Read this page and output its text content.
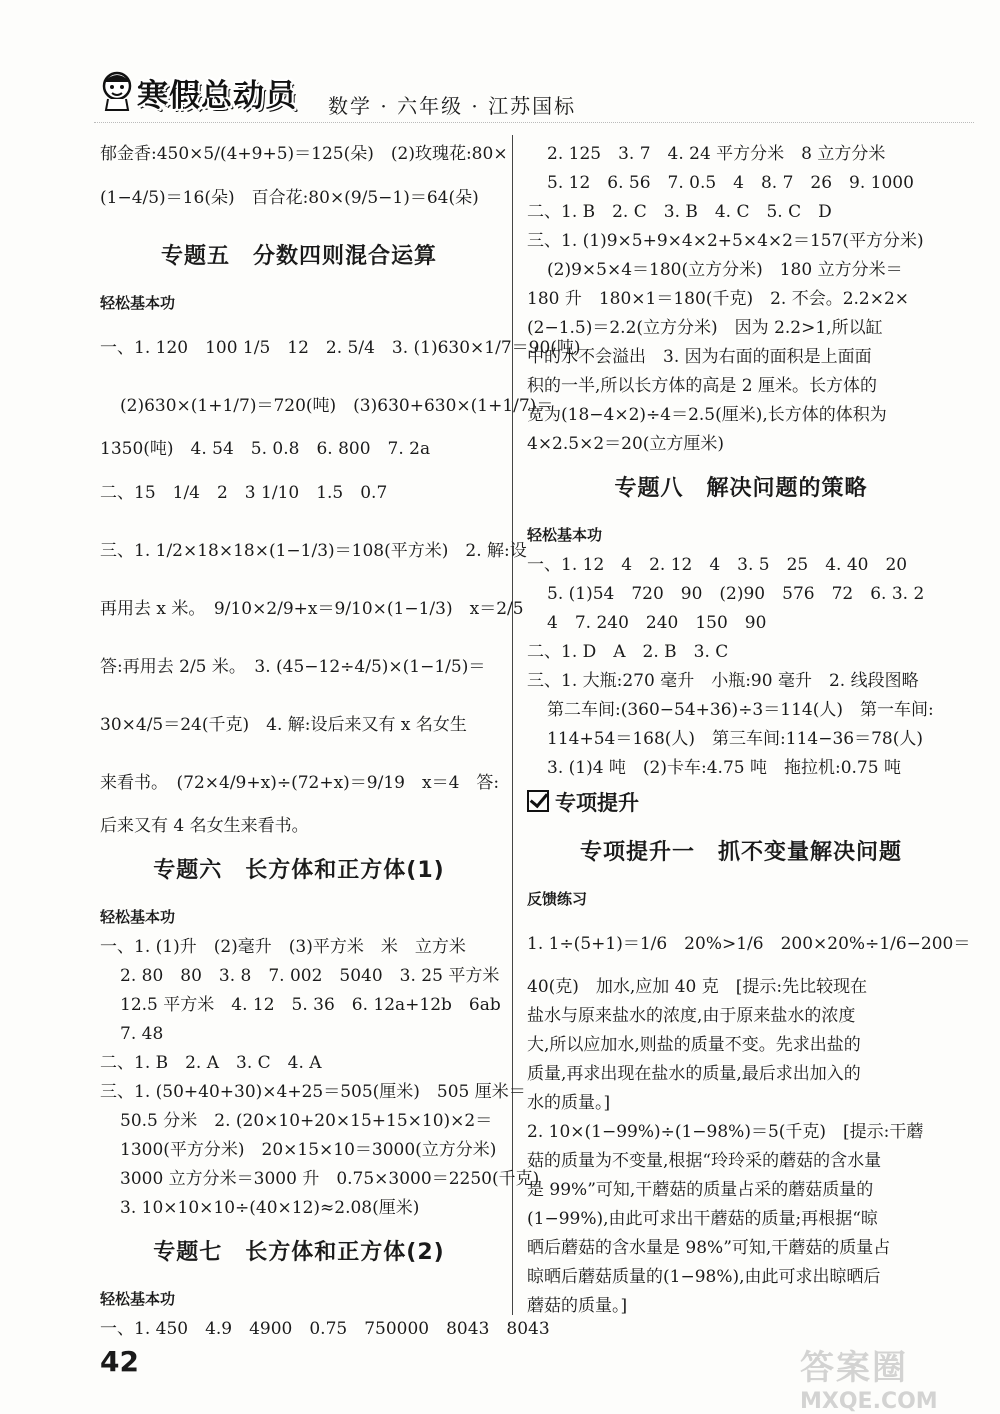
寒假总动员 数学 · 六年级 · 江苏国标
郁金香:450×5/(4+9+5)＝125(朵)　(2)玫瑰花:80×
(1−4/5)＝16(朵)　百合花:80×(9/5−1)＝64(朵)
专题五　分数四则混合运算
轻松基本功
一、1. 120　100 1/5　12　2. 5/4　3. (1)630×1/7＝90(吨)
(2)630×(1+1/7)＝720(吨)　(3)630+630×(1+1/7)＝
1350(吨)　4. 54　5. 0.8　6. 800　7. 2a
二、15　1/4　2　3 1/10　1.5　0.7
三、1. 1/2×18×18×(1−1/3)＝108(平方米)　2. 解:设
再用去 x 米。　9/10×2/9+x＝9/10×(1−1/3)　x＝2/5
答:再用去 2/5 米。　3. (45−12÷4/5)×(1−1/5)＝
30×4/5＝24(千克)　4. 解:设后来又有 x 名女生
来看书。　(72×4/9+x)÷(72+x)＝9/19　x＝4　答:
后来又有 4 名女生来看书。
专题六　长方体和正方体(1)
轻松基本功
一、1. (1)升　(2)毫升　(3)平方米　米　立方米
2. 80　80　3. 8　7. 002　5040　3. 25 平方米
12.5 平方米　4. 12　5. 36　6. 12a+12b　6ab
7. 48
二、1. B　2. A　3. C　4. A
三、1. (50+40+30)×4+25＝505(厘米)　505 厘米＝
50.5 分米　2. (20×10+20×15+15×10)×2＝
1300(平方分米)　20×15×10＝3000(立方分米)
3000 立方分米＝3000 升　0.75×3000＝2250(千克)
3. 10×10×10÷(40×12)≈2.08(厘米)
专题七　长方体和正方体(2)
轻松基本功
一、1. 450　4.9　4900　0.75　750000　8043　8043
2. 125　3. 7　4. 24 平方分米　8 立方分米
5. 12　6. 56　7. 0.5　4　8. 7　26　9. 1000
二、1. B　2. C　3. B　4. C　5. C　D
三、1. (1)9×5+9×4×2+5×4×2＝157(平方分米)
(2)9×5×4＝180(立方分米)　180 立方分米＝
180 升　180×1＝180(千克)　2. 不会。2.2×2×
(2−1.5)＝2.2(立方分米)　因为 2.2>1,所以缸
中的水不会溢出　3. 因为右面的面积是上面面
积的一半,所以长方体的高是 2 厘米。长方体的
宽为(18−4×2)÷4＝2.5(厘米),长方体的体积为
4×2.5×2＝20(立方厘米)
专题八　解决问题的策略
轻松基本功
一、1. 12　4　2. 12　4　3. 5　25　4. 40　20
5. (1)54　720　90　(2)90　576　72　6. 3. 2
4　7. 240　240　150　90
二、1. D　A　2. B　3. C
三、1. 大瓶:270 毫升　小瓶:90 毫升　2. 线段图略
第二车间:(360−54+36)÷3＝114(人)　第一车间:
114+54＝168(人)　第三车间:114−36＝78(人)
3. (1)4 吨　(2)卡车:4.75 吨　拖拉机:0.75 吨
专项提升
专项提升一　抓不变量解决问题
反馈练习
1. 1÷(5+1)＝1/6　20%>1/6　200×20%÷1/6−200＝
40(克)　加水,应加 40 克　[提示:先比较现在
盐水与原来盐水的浓度,由于原来盐水的浓度
大,所以应加水,则盐的质量不变。先求出盐的
质量,再求出现在盐水的质量,最后求出加入的
水的质量。]
2. 10×(1−99%)÷(1−98%)＝5(千克)　[提示:干蘑
菇的质量为不变量,根据“玲玲采的蘑菇的含水量
是 99%”可知,干蘑菇的质量占采的蘑菇质量的
(1−99%),由此可求出干蘑菇的质量;再根据“晾
晒后蘑菇的含水量是 98%”可知,干蘑菇的质量占
晾晒后蘑菇质量的(1−98%),由此可求出晾晒后
蘑菇的质量。]
42	答案圈
MXQE.COM
